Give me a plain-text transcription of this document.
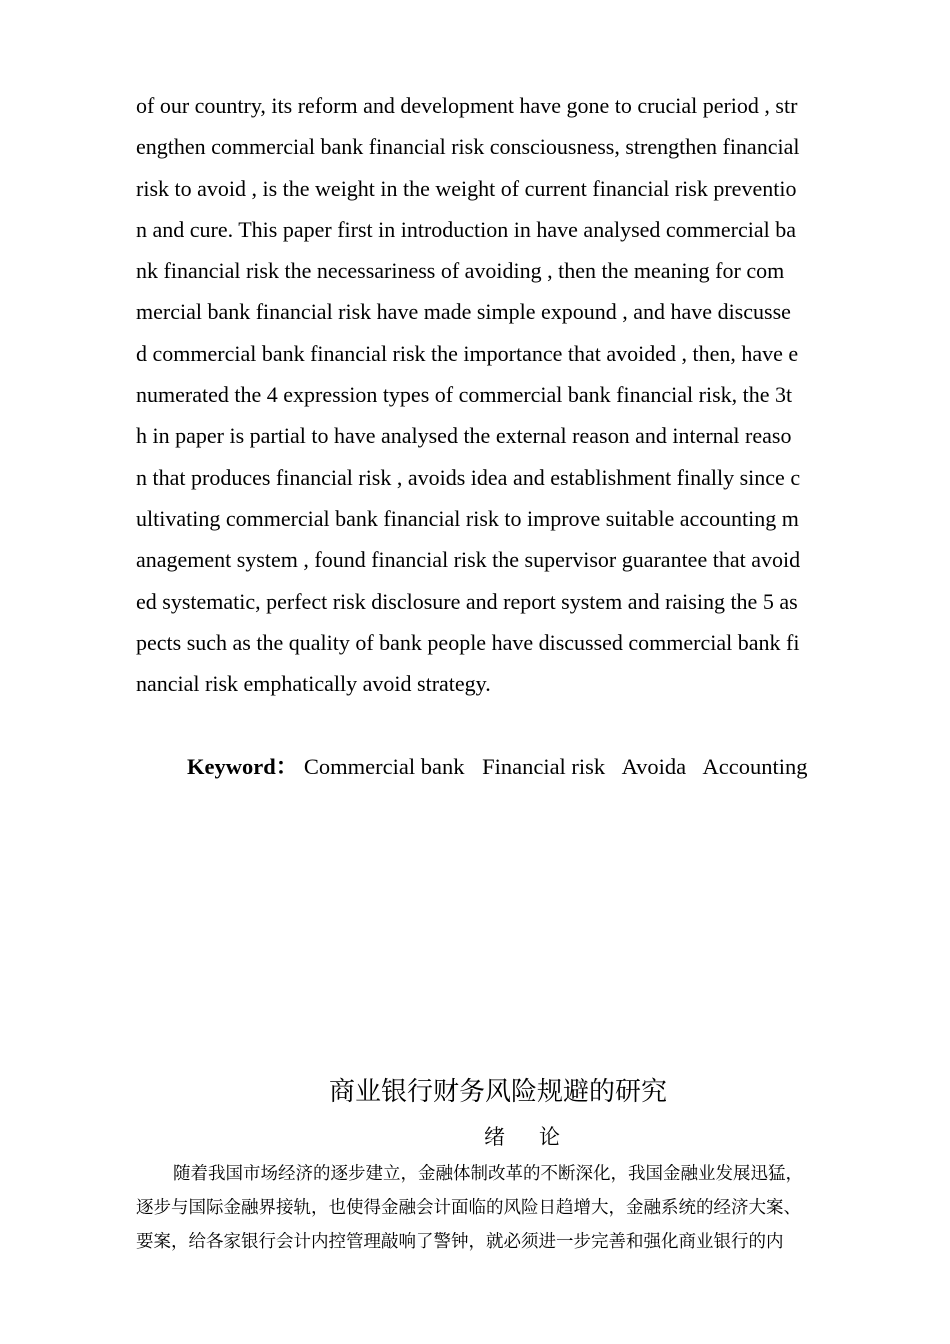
of our country, its reform and development have gone to crucial period , str
engthen commercial bank financial risk consciousness, strengthen financial
risk to avoid , is the weight in the weight of current financial risk preventio
n and cure. This paper first in introduction in have analysed commercial ba
nk financial risk the necessariness of avoiding , then the meaning for com
mercial bank financial risk have made simple expound , and have discusse
d commercial bank financial risk the importance that avoided , then, have e
numerated the 4 expression types of commercial bank financial risk, the 3t
h in paper is partial to have analysed the external reason and internal reaso
n that produces financial risk , avoids idea and establishment finally since c
ultivating commercial bank financial risk to improve suitable accounting m
anagement system , found financial risk the supervisor guarantee that avoid
ed systematic, perfect risk disclosure and report system and raising the 5 as
pects such as the quality of bank people have discussed commercial bank fi
nancial risk emphatically avoid strategy.
Keyword： Commercial bank Financial risk Avoida Accounting
商业银行财务风险规避的研究
绪论
随着我国市场经济的逐步建立，金融体制改革的不断深化，我国金融业发展迅猛，
逐步与国际金融界接轨，也使得金融会计面临的风险日趋增大，金融系统的经济大案、
要案，给各家银行会计内控管理敲响了警钟，就必须进一步完善和强化商业银行的内
